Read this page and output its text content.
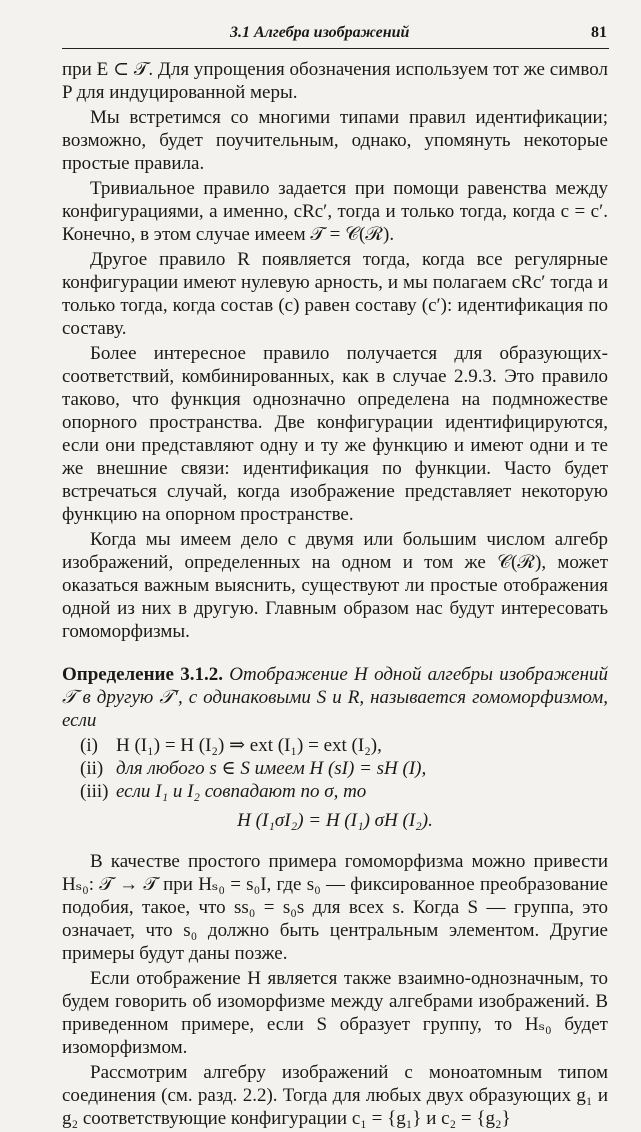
3.1 Алгебра изображений	81

при E ⊂ 𝒯. Для упрощения обозначения используем тот же символ P для индуцированной меры.

Мы встретимся со многими типами правил идентификации; возможно, будет поучительным, однако, упомянуть некоторые простые правила.

Тривиальное правило задается при помощи равенства между конфигурациями, а именно, cRc′, тогда и только тогда, когда c = c′. Конечно, в этом случае имеем 𝒯 = 𝒞(ℛ).

Другое правило R появляется тогда, когда все регулярные конфигурации имеют нулевую арность, и мы полагаем cRc′ тогда и только тогда, когда состав (c) равен составу (c′): идентификация по составу.

Более интересное правило получается для образующих-соответствий, комбинированных, как в случае 2.9.3. Это правило таково, что функция однозначно определена на подмножестве опорного пространства. Две конфигурации идентифицируются, если они представляют одну и ту же функцию и имеют одни и те же внешние связи: идентификация по функции. Часто будет встречаться случай, когда изображение представляет некоторую функцию на опорном пространстве.

Когда мы имеем дело с двумя или большим числом алгебр изображений, определенных на одном и том же 𝒞(ℛ), может оказаться важным выяснить, существуют ли простые отображения одной из них в другую. Главным образом нас будут интересовать гомоморфизмы.

Определение 3.1.2. Отображение H одной алгебры изображений 𝒯 в другую 𝒯′, с одинаковыми S и R, называется гомоморфизмом, если
(i) H (I₁) = H (I₂) ⇒ ext (I₁) = ext (I₂),
(ii) для любого s ∈ S имеем H (sI) = sH (I),
(iii) если I₁ и I₂ совпадают по σ, то
H (I₁σI₂) = H (I₁) σH (I₂).

В качестве простого примера гомоморфизма можно привести Hₛ₀: 𝒯 → 𝒯 при Hₛ₀ = s₀I, где s₀ — фиксированное преобразование подобия, такое, что ss₀ = s₀s для всех s. Когда S — группа, это означает, что s₀ должно быть центральным элементом. Другие примеры будут даны позже.

Если отображение H является также взаимно-однозначным, то будем говорить об изоморфизме между алгебрами изображений. В приведенном примере, если S образует группу, то Hₛ₀ будет изоморфизмом.

Рассмотрим алгебру изображений с моноатомным типом соединения (см. разд. 2.2). Тогда для любых двух образующих g₁ и g₂ соответствующие конфигурации c₁ = {g₁} и c₂ = {g₂}
